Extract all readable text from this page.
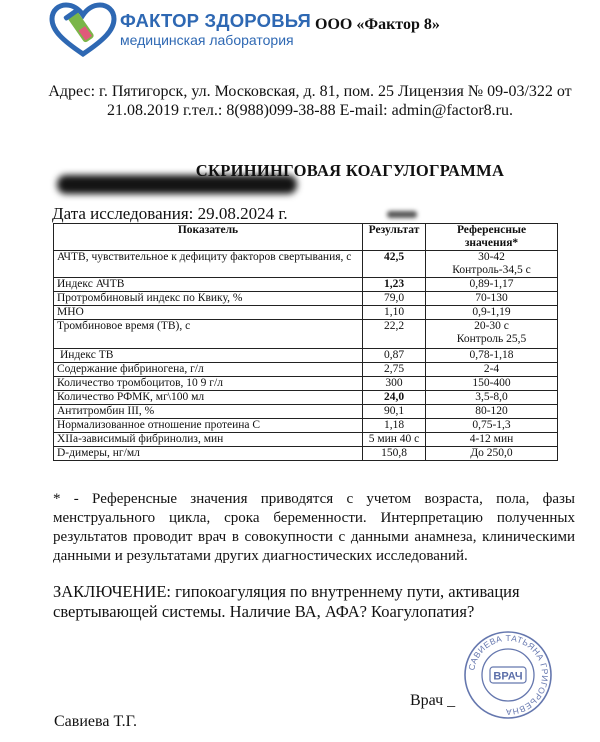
ФАКТОР ЗДОРОВЬЯ
медицинская лаборатория
ООО «Фактор 8»
Адрес: г. Пятигорск, ул. Московская, д. 81, пом. 25 Лицензия № 09-03/322 от 21.08.2019 г.тел.: 8(988)099-38-88 E-mail: admin@factor8.ru.
СКРИНИНГОВАЯ КОАГУЛОГРАММА
Дата исследования: 29.08.2024 г.
Показатель	Результат	Референсные значения*
АЧТВ, чувствительное к дефициту факторов свертывания, с	42,5	30-42
Контроль-34,5 с

Индекс АЧТВ	1,23	0,89-1,17

Протромбиновый индекс по Квику, %	79,0	70-130

МНО	1,10	0,9-1,19

Тромбиновое время (ТВ), с	22,2	20-30 с
Контроль 25,5

Индекс ТВ	0,87	0,78-1,18

Содержание фибриногена, г/л	2,75	2-4

Количество тромбоцитов, 10 9 г/л	300	150-400

Количество РФМК, мг\100 мл	24,0	3,5-8,0

Антитромбин III, %	90,1	80-120

Нормализованное отношение протеина С	1,18	0,75-1,3

XIIа-зависимый фибринолиз, мин	5 мин 40 с	4-12 мин

D-димеры, нг/мл	150,8	До 250,0
* - Референсные значения приводятся с учетом возраста, пола, фазы менструального цикла, срока беременности. Интерпретацию полученных результатов проводит врач в совокупности с данными анамнеза, клиническими данными и результатами других диагностических исследований.
ЗАКЛЮЧЕНИЕ: гипокоагуляция по внутреннему пути, активация свертывающей системы. Наличие ВА, АФА? Коагулопатия?
САВИЕВА ТАТЬЯНА ГРИГОРЬЕВНА
ВРАЧ
Врач _
Савиева Т.Г.
